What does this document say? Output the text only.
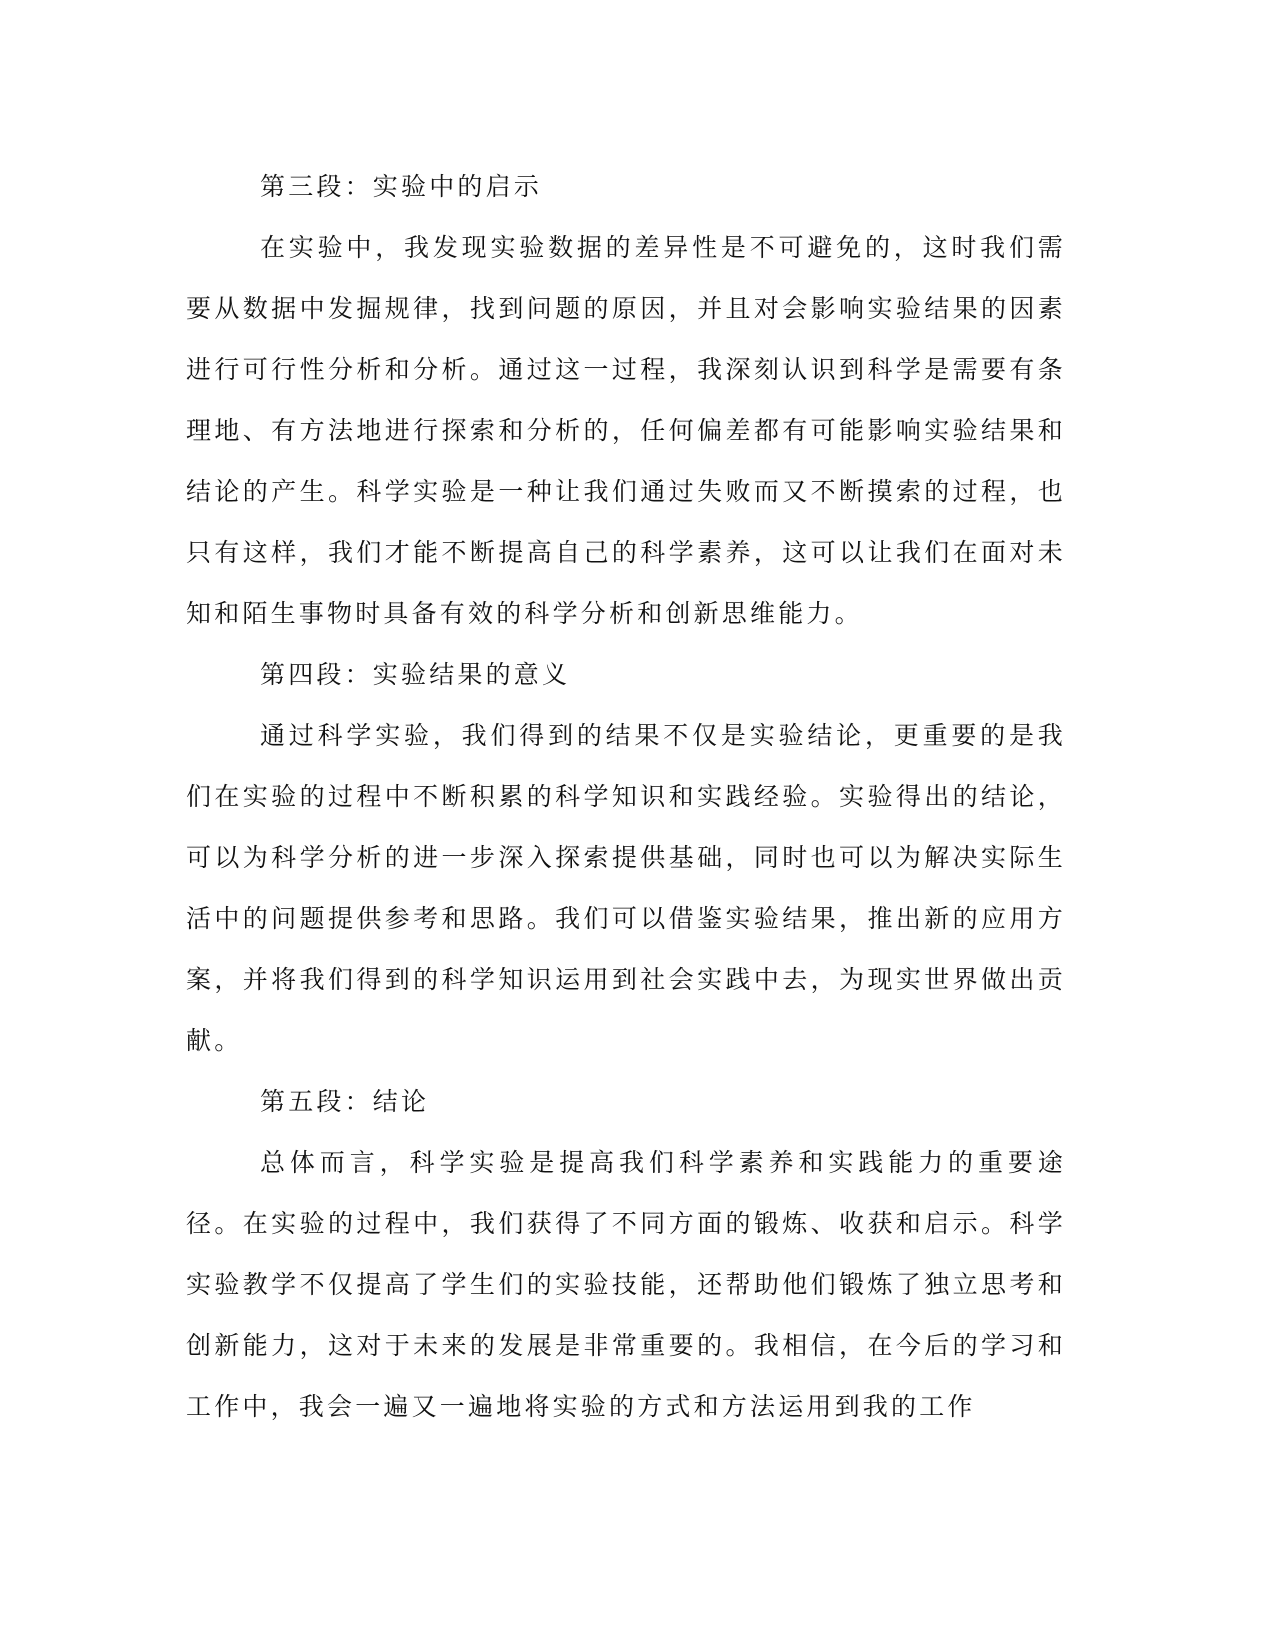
第三段：实验中的启示

在实验中，我发现实验数据的差异性是不可避免的，这时我们需要从数据中发掘规律，找到问题的原因，并且对会影响实验结果的因素进行可行性分析和分析。通过这一过程，我深刻认识到科学是需要有条理地、有方法地进行探索和分析的，任何偏差都有可能影响实验结果和结论的产生。科学实验是一种让我们通过失败而又不断摸索的过程，也只有这样，我们才能不断提高自己的科学素养，这可以让我们在面对未知和陌生事物时具备有效的科学分析和创新思维能力。

第四段：实验结果的意义

通过科学实验，我们得到的结果不仅是实验结论，更重要的是我们在实验的过程中不断积累的科学知识和实践经验。实验得出的结论，可以为科学分析的进一步深入探索提供基础，同时也可以为解决实际生活中的问题提供参考和思路。我们可以借鉴实验结果，推出新的应用方案，并将我们得到的科学知识运用到社会实践中去，为现实世界做出贡献。

第五段：结论

总体而言，科学实验是提高我们科学素养和实践能力的重要途径。在实验的过程中，我们获得了不同方面的锻炼、收获和启示。科学实验教学不仅提高了学生们的实验技能，还帮助他们锻炼了独立思考和创新能力，这对于未来的发展是非常重要的。我相信，在今后的学习和工作中，我会一遍又一遍地将实验的方式和方法运用到我的工作
